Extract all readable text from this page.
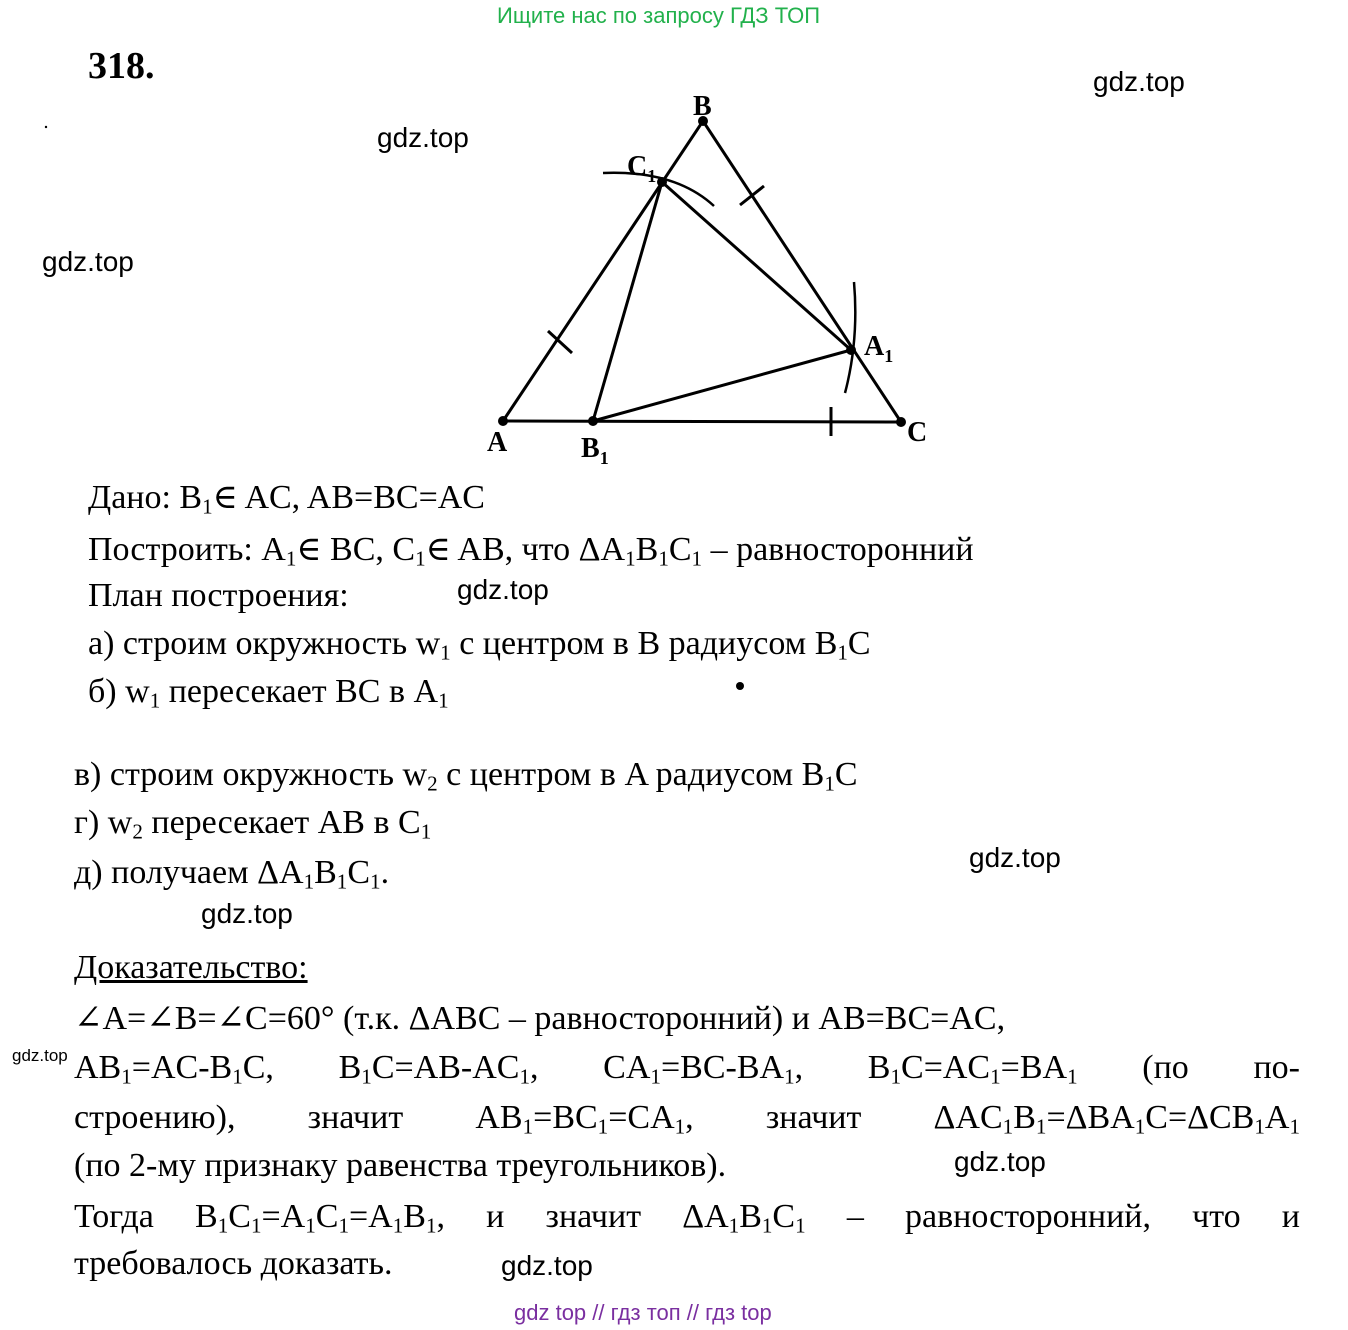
Ищите нас по запросу ГДЗ ТОП
318.	gdz.top
gdz.top
gdz.top
gdz.top
gdz.top
gdz.top
gdz.top
gdz.top
gdz.top
B
A	C
$B_1$
$C_1$
$A_1$
Дано: $B_1\in$ AC, AB=BC=AC
Построить: $A_1\in$ BC, $C_1\in$ AB, что $\Delta A_1B_1C_1$ – равносторонний
План построения:
а) строим окружность $w_1$ с центром в B радиусом $B_1C$
б) $w_1$ пересекает BC в $A_1$
в) строим окружность $w_2$ с центром в A радиусом $B_1C$
г) $w_2$ пересекает AB в $C_1$
д) получаем $\Delta A_1B_1C_1$.
Доказательство:
∠A=∠B=∠C=60° (т.к. ΔABC – равносторонний) и AB=BC=AC,
$AB_1=AC-B_1C$, $B_1C=AB-AC_1$, $CA_1=BC-BA_1$, $B_1C=AC_1=BA_1$ (по по-
строению), значит $AB_1=BC_1=CA_1$, значит $\Delta AC_1B_1=\Delta BA_1C=\Delta CB_1A_1$
(по 2-му признаку равенства треугольников).
Тогда $B_1C_1=A_1C_1=A_1B_1$, и значит $\Delta A_1B_1C_1$ – равносторонний, что и
требовалось доказать.
gdz top // гдз топ // гдз top
